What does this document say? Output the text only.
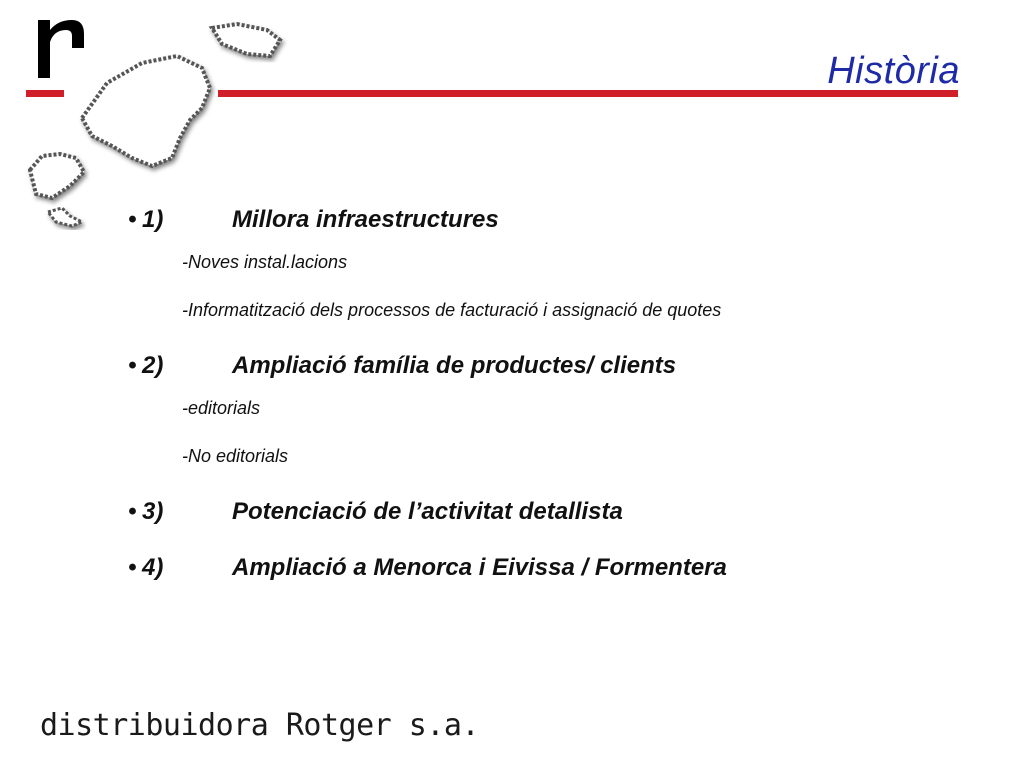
Història
• 1)	Millora infraestructures
-Noves instal.lacions
-Informatització dels processos de facturació i assignació de quotes
• 2)	Ampliació família de productes/ clients
-editorials
-No editorials
• 3)	Potenciació de l’activitat detallista
• 4)	Ampliació a Menorca i Eivissa / Formentera
distribuidora Rotger s.a.
